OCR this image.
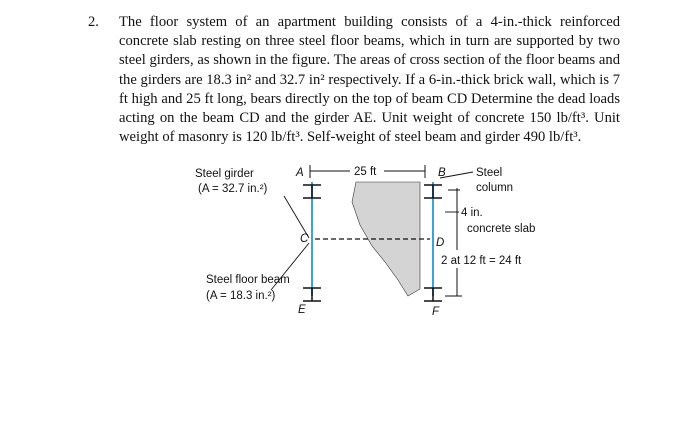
2. The floor system of an apartment building consists of a 4-in.-thick reinforced concrete slab resting on three steel floor beams, which in turn are supported by two steel girders, as shown in the figure. The areas of cross section of the floor beams and the girders are 18.3 in² and 32.7 in² respectively. If a 6-in.-thick brick wall, which is 7 ft high and 25 ft long, bears directly on the top of beam CD Determine the dead loads acting on the beam CD and the girder AE. Unit weight of concrete 150 lb/ft³. Unit weight of masonry is 120 lb/ft³. Self-weight of steel beam and girder 490 lb/ft³.
25 ft
2 at 12 ft = 24 ft
Steel girder
(A = 32.7 in.²)
Steel floor beam
(A = 18.3 in.²)
Steel
column
4 in.
concrete slab
A	B
C	D
E	F
